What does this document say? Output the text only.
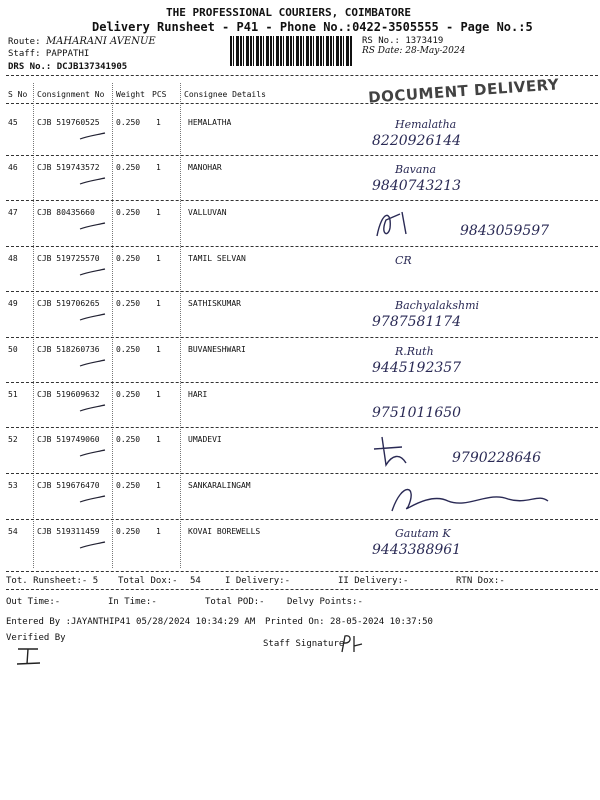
THE PROFESSIONAL COURIERS, COIMBATORE
Delivery Runsheet - P41 - Phone No.:0422-3505555 - Page No.:5
Route: MAHARANI AVENUE
Staff: PAPPATHI
DRS No.: DCJB137341905
RS No.: 1373419
RS Date: 28-May-2024
S No Consignment No Weight PCS Consignee Details	DOCUMENT DELIVERY
45 CJB 519760525 0.250 1	HEMALATHA	Hemalatha
8220926144
46 CJB 519743572 0.250 1	MANOHAR	Bavana
9840743213
47 CJB 80435660	0.250 1	VALLUVAN
9843059597
48 CJB 519725570 0.250 1	TAMIL SELVAN	CR
49 CJB 519706265 0.250 1	SATHISKUMAR	Bachyalakshmi
9787581174
50 CJB 518260736 0.250 1	BUVANESHWARI	R.Ruth
9445192357
51 CJB 519609632 0.250 1	HARI
9751011650
52 CJB 519749060 0.250 1	UMADEVI
9790228646
53 CJB 519676470 0.250 1	SANKARALINGAM
54 CJB 519311459 0.250 1	KOVAI BOREWELLS	Gautam K
9443388961
Tot. Runsheet:- 5 Total Dox:- 54	I Delivery:-	II Delivery:-	RTN Dox:-
Out Time:-	In Time:-	Total POD:- Delvy Points:-
Entered By :JAYANTHIP41 05/28/2024 10:34:29 AM Printed On: 28-05-2024 10:37:50
Verified By
Staff Signature
